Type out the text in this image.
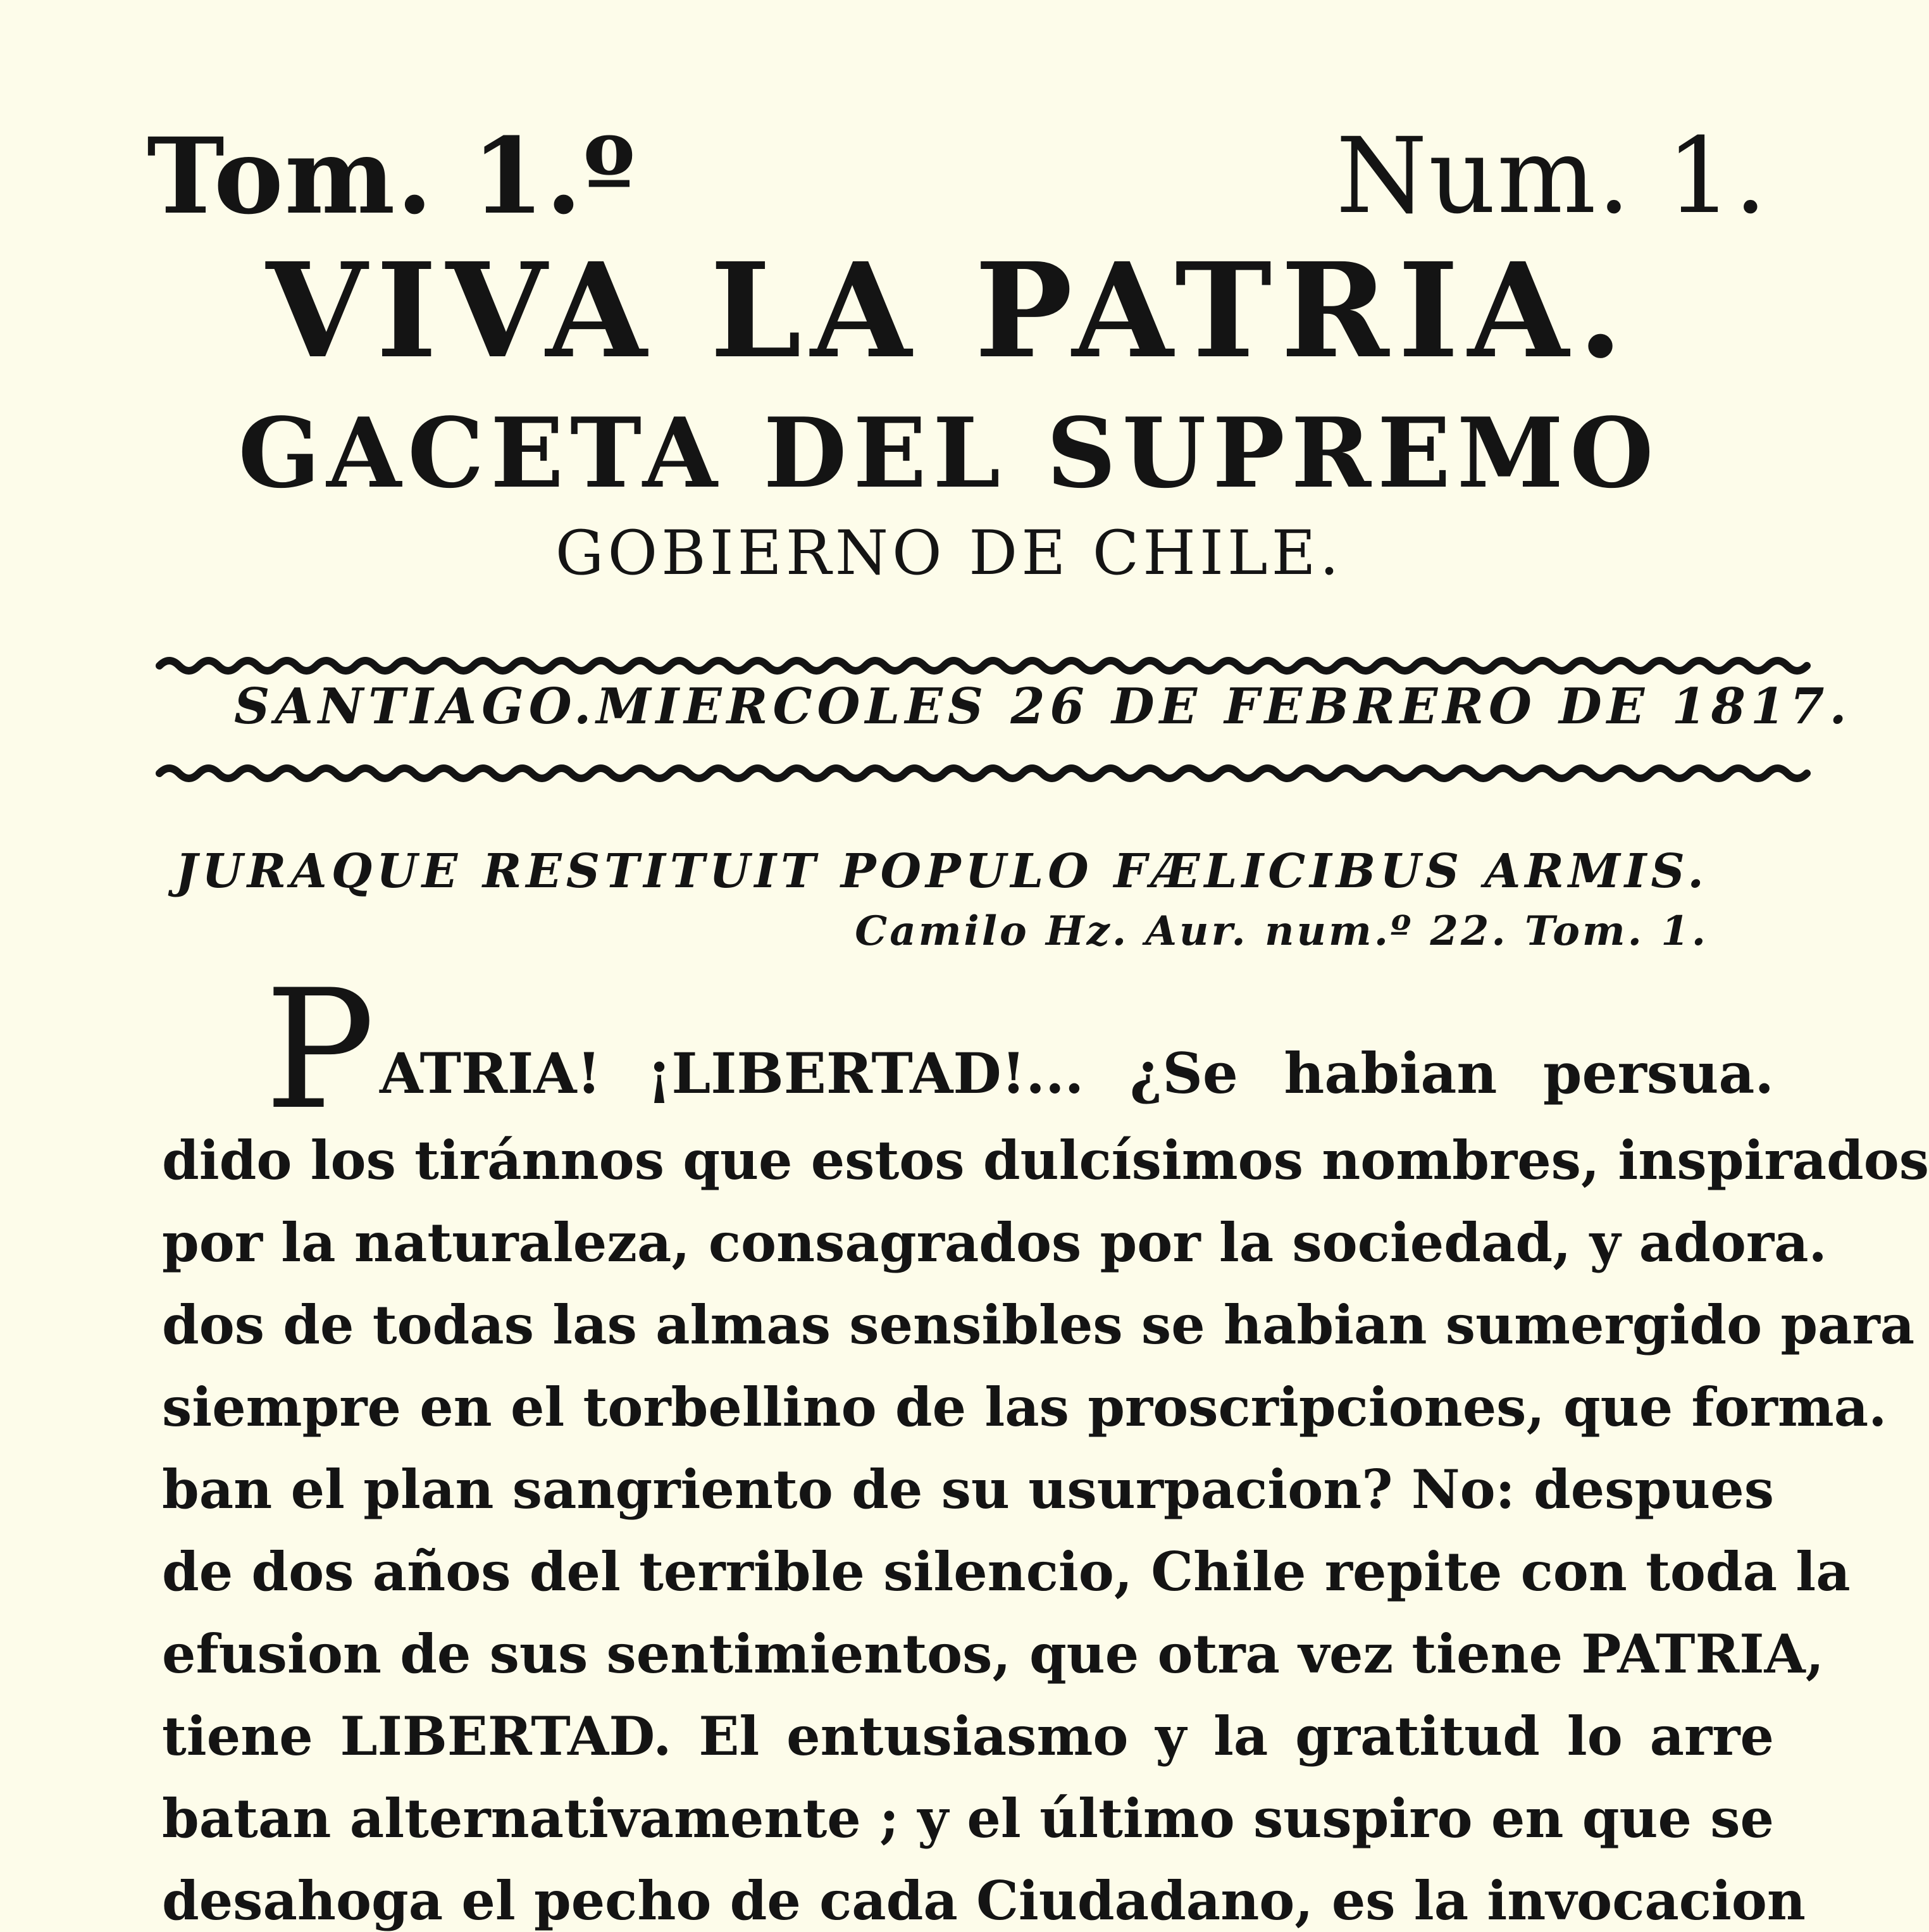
Tom. 1.º	Num. 1.
VIVA LA PATRIA.
GACETA DEL SUPREMO
GOBIERNO DE CHILE.
SANTIAGO. MIERCOLES 26 DE FEBRERO DE 1817.
JURAQUE RESTITUIT POPULO FÆLICIBUS ARMIS.
Camilo Hz. Aur. num.º 22. Tom. 1.
P ATRIA! ¡LIBERTAD!... ¿Se habian persua.
dido los tiránnos que estos dulcísimos nombres, inspirados
por la naturaleza, consagrados por la sociedad, y adora.
dos de todas las almas sensibles se habian sumergido para
siempre en el torbellino de las proscripciones, que forma.
ban el plan sangriento de su usurpacion? No: despues
de dos años del terrible silencio, Chile repite con toda la
efusion de sus sentimientos, que otra vez tiene PATRIA,
tiene LIBERTAD. El entusiasmo y la gratitud lo arre
batan alternativamente ; y el último suspiro en que se
desahoga el pecho de cada Ciudadano, es la invocacion
